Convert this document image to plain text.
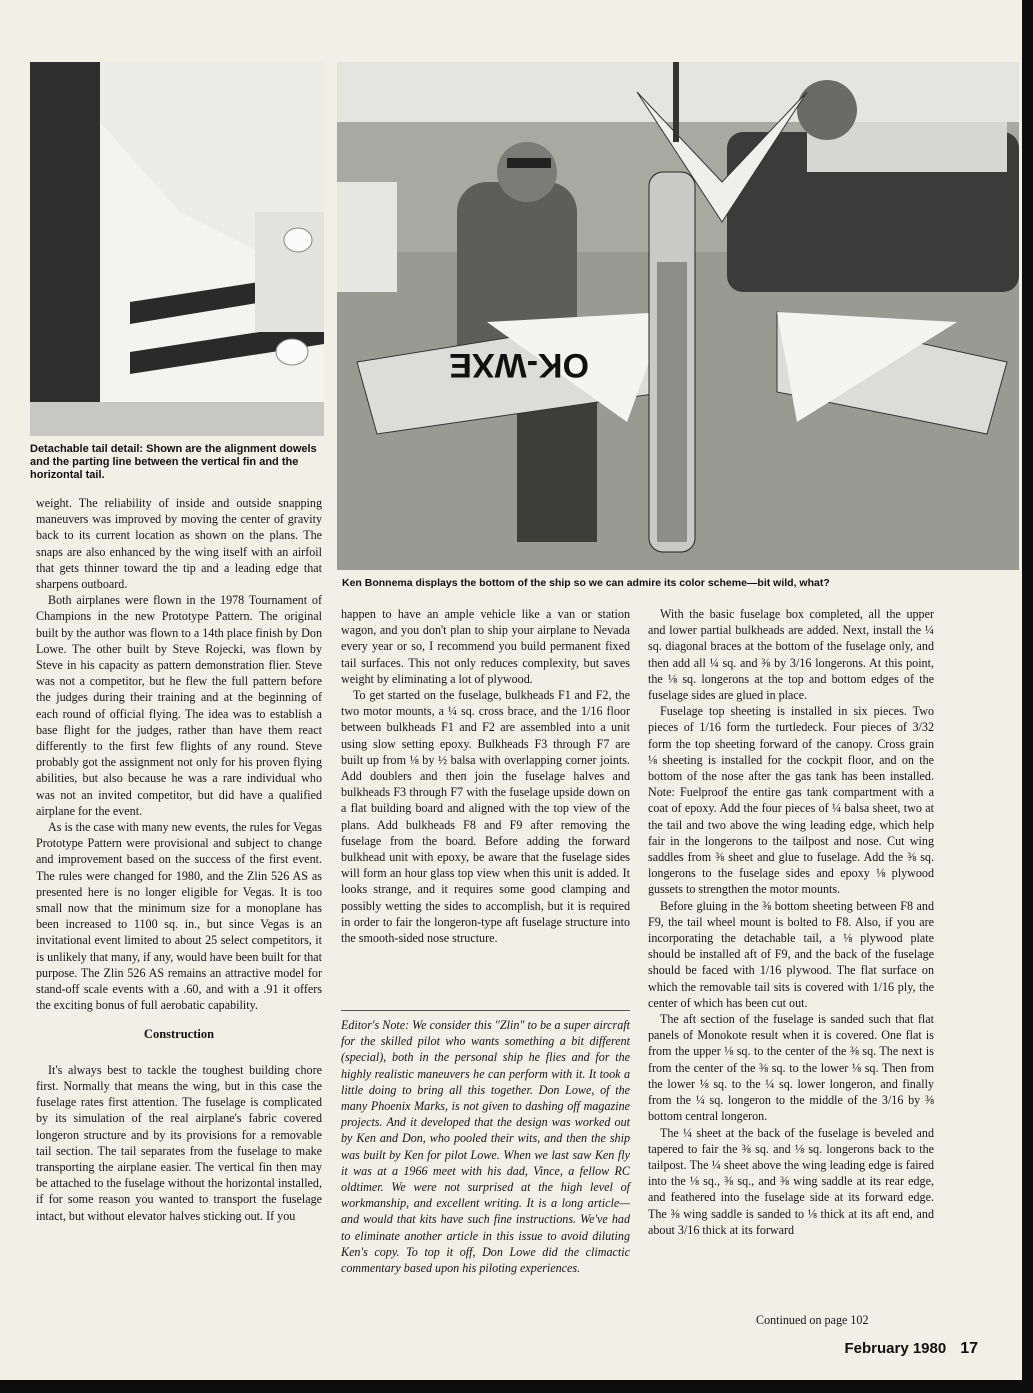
Detachable tail detail: Shown are the alignment dowels and the parting line between the vertical fin and the horizontal tail.
OK-WXE
Ken Bonnema displays the bottom of the ship so we can admire its color scheme—bit wild, what?

weight. The reliability of inside and outside snapping maneuvers was improved by moving the center of gravity back to its current location as shown on the plans. The snaps are also enhanced by the wing itself with an airfoil that gets thinner toward the tip and a leading edge that sharpens outboard.

Both airplanes were flown in the 1978 Tournament of Champions in the new Prototype Pattern. The original built by the author was flown to a 14th place finish by Don Lowe. The other built by Steve Rojecki, was flown by Steve in his capacity as pattern demonstration flier. Steve was not a competitor, but he flew the full pattern before the judges during their training and at the beginning of each round of official flying. The idea was to establish a base flight for the judges, rather than have them react differently to the first few flights of any round. Steve probably got the assignment not only for his proven flying abilities, but also because he was a rare individual who was not an invited competitor, but did have a qualified airplane for the event.

As is the case with many new events, the rules for Vegas Prototype Pattern were provisional and subject to change and improvement based on the success of the first event. The rules were changed for 1980, and the Zlin 526 AS as presented here is no longer eligible for Vegas. It is too small now that the minimum size for a monoplane has been increased to 1100 sq. in., but since Vegas is an invitational event limited to about 25 select competitors, it is unlikely that many, if any, would have been built for that purpose. The Zlin 526 AS remains an attractive model for stand-off scale events with a .60, and with a .91 it offers the exciting bonus of full aerobatic capability.

Construction

It's always best to tackle the toughest building chore first. Normally that means the wing, but in this case the fuselage rates first attention. The fuselage is complicated by its simulation of the real airplane's fabric covered longeron structure and by its provisions for a removable tail section. The tail separates from the fuselage to make transporting the airplane easier. The vertical fin then may be attached to the fuselage without the horizontal installed, if for some reason you wanted to transport the fuselage intact, but without elevator halves sticking out. If you

happen to have an ample vehicle like a van or station wagon, and you don't plan to ship your airplane to Nevada every year or so, I recommend you build permanent fixed tail surfaces. This not only reduces complexity, but saves weight by eliminating a lot of plywood.

To get started on the fuselage, bulkheads F1 and F2, the two motor mounts, a ¼ sq. cross brace, and the 1/16 floor between bulkheads F1 and F2 are assembled into a unit using slow setting epoxy. Bulkheads F3 through F7 are built up from ⅛ by ½ balsa with overlapping corner joints. Add doublers and then join the fuselage halves and bulkheads F3 through F7 with the fuselage upside down on a flat building board and aligned with the top view of the plans. Add bulkheads F8 and F9 after removing the fuselage from the board. Before adding the forward bulkhead unit with epoxy, be aware that the fuselage sides will form an hour glass top view when this unit is added. It looks strange, and it requires some good clamping and possibly wetting the sides to accomplish, but it is required in order to fair the longeron-type aft fuselage structure into the smooth-sided nose structure.

Editor's Note: We consider this "Zlin" to be a super aircraft for the skilled pilot who wants something a bit different (special), both in the personal ship he flies and for the highly realistic maneuvers he can perform with it. It took a little doing to bring all this together. Don Lowe, of the many Phoenix Marks, is not given to dashing off magazine projects. And it developed that the design was worked out by Ken and Don, who pooled their wits, and then the ship was built by Ken for pilot Lowe. When we last saw Ken fly it was at a 1966 meet with his dad, Vince, a fellow RC oldtimer. We were not surprised at the high level of workmanship, and excellent writing. It is a long article—and would that kits have such fine instructions. We've had to eliminate another article in this issue to avoid diluting Ken's copy. To top it off, Don Lowe did the climactic commentary based upon his piloting experiences.

With the basic fuselage box completed, all the upper and lower partial bulkheads are added. Next, install the ¼ sq. diagonal braces at the bottom of the fuselage only, and then add all ¼ sq. and ⅜ by 3/16 longerons. At this point, the ⅛ sq. longerons at the top and bottom edges of the fuselage sides are glued in place.

Fuselage top sheeting is installed in six pieces. Two pieces of 1/16 form the turtledeck. Four pieces of 3/32 form the top sheeting forward of the canopy. Cross grain ⅛ sheeting is installed for the cockpit floor, and on the bottom of the nose after the gas tank has been installed. Note: Fuelproof the entire gas tank compartment with a coat of epoxy. Add the four pieces of ¼ balsa sheet, two at the tail and two above the wing leading edge, which help fair in the longerons to the tailpost and nose. Cut wing saddles from ⅜ sheet and glue to fuselage. Add the ⅜ sq. longerons to the fuselage sides and epoxy ⅛ plywood gussets to strengthen the motor mounts.

Before gluing in the ⅜ bottom sheeting between F8 and F9, the tail wheel mount is bolted to F8. Also, if you are incorporating the detachable tail, a ⅛ plywood plate should be installed aft of F9, and the back of the fuselage should be faced with 1/16 plywood. The flat surface on which the removable tail sits is covered with 1/16 ply, the center of which has been cut out.

The aft section of the fuselage is sanded such that flat panels of Monokote result when it is covered. One flat is from the upper ⅛ sq. to the center of the ⅜ sq. The next is from the center of the ⅜ sq. to the lower ⅛ sq. Then from the lower ⅛ sq. to the ¼ sq. lower longeron, and finally from the ¼ sq. longeron to the middle of the 3/16 by ⅜ bottom central longeron.

The ¼ sheet at the back of the fuselage is beveled and tapered to fair the ⅜ sq. and ⅛ sq. longerons back to the tailpost. The ¼ sheet above the wing leading edge is faired into the ⅛ sq., ⅜ sq., and ⅜ wing saddle at its rear edge, and feathered into the fuselage side at its forward edge. The ⅜ wing saddle is sanded to ⅛ thick at its aft end, and about 3/16 thick at its forward

Continued on page 102
February 1980 17
